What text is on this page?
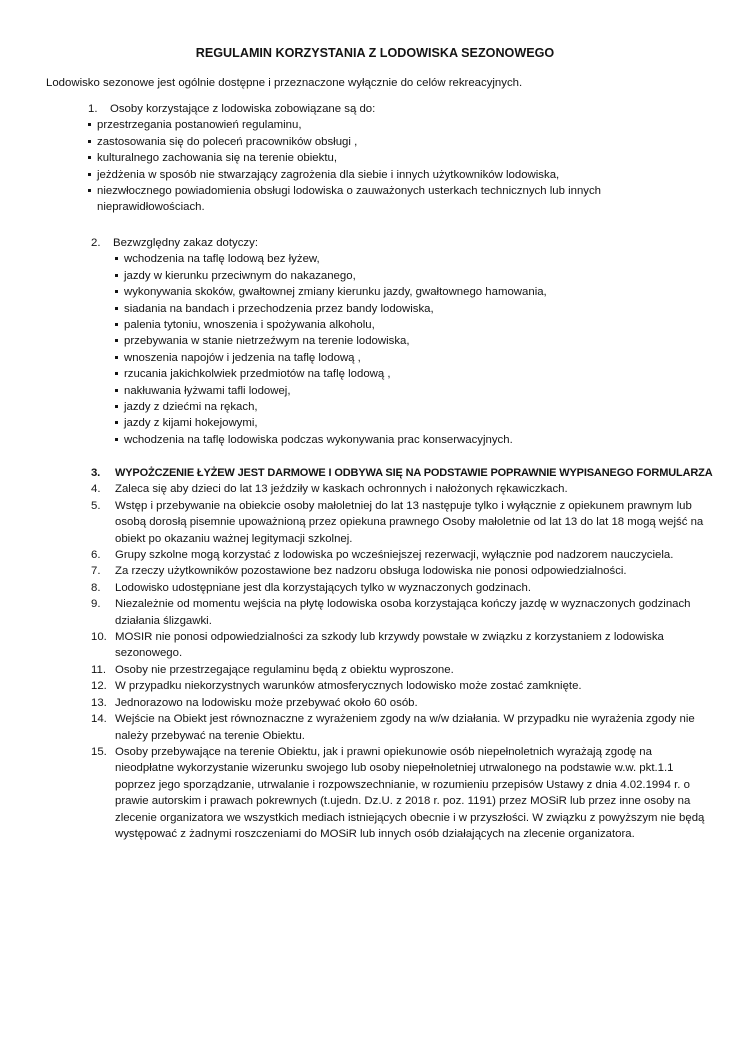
REGULAMIN KORZYSTANIA Z LODOWISKA SEZONOWEGO

Lodowisko sezonowe jest ogólnie dostępne i przeznaczone wyłącznie do celów rekreacyjnych.

1. Osoby korzystające z lodowiska zobowiązane są do:
przestrzegania postanowień regulaminu,
zastosowania się do poleceń pracowników obsługi ,
kulturalnego zachowania się na terenie obiektu,
jeżdżenia w sposób nie stwarzający zagrożenia dla siebie i innych użytkowników lodowiska,
niezwłocznego powiadomienia obsługi lodowiska o zauważonych usterkach technicznych lub innych nieprawidłowościach.
2. Bezwzględny zakaz dotyczy:
wchodzenia na taflę lodową bez łyżew,
jazdy w kierunku przeciwnym do nakazanego,
wykonywania skoków, gwałtownej zmiany kierunku jazdy, gwałtownego hamowania,
siadania na bandach i przechodzenia przez bandy lodowiska,
palenia tytoniu, wnoszenia i spożywania alkoholu,
przebywania w stanie nietrzeźwym na terenie lodowiska,
wnoszenia napojów i jedzenia na taflę lodową ,
rzucania jakichkolwiek przedmiotów na taflę lodową ,
nakłuwania łyżwami tafli lodowej,
jazdy z dziećmi na rękach,
jazdy z kijami hokejowymi,
wchodzenia na taflę lodowiska podczas wykonywania prac konserwacyjnych.
3.	WYPOŻCZENIE ŁYŻEW JEST DARMOWE I ODBYWA SIĘ NA PODSTAWIE POPRAWNIE WYPISANEGO FORMULARZA
4.	Zaleca się aby dzieci do lat 13 jeździły w kaskach ochronnych i nałożonych rękawiczkach.
5.	Wstęp i przebywanie na obiekcie osoby małoletniej do lat 13 następuje tylko i wyłącznie z opiekunem prawnym lub osobą dorosłą pisemnie upoważnioną przez opiekuna prawnego Osoby małoletnie od lat 13 do lat 18 mogą wejść na obiekt po okazaniu ważnej legitymacji szkolnej.
6.	Grupy szkolne mogą korzystać z lodowiska po wcześniejszej rezerwacji, wyłącznie pod nadzorem nauczyciela.
7.	Za rzeczy użytkowników pozostawione bez nadzoru obsługa lodowiska nie ponosi odpowiedzialności.
8.	Lodowisko udostępniane jest dla korzystających tylko w wyznaczonych godzinach.
9.	Niezależnie od momentu wejścia na płytę lodowiska osoba korzystająca kończy jazdę w wyznaczonych godzinach działania ślizgawki.
10. MOSIR nie ponosi odpowiedzialności za szkody lub krzywdy powstałe w związku z korzystaniem z lodowiska sezonowego.
11. Osoby nie przestrzegające regulaminu będą z obiektu wyproszone.
12. W przypadku niekorzystnych warunków atmosferycznych lodowisko może zostać zamknięte.
13. Jednorazowo na lodowisku może przebywać około 60 osób.
14. Wejście na Obiekt jest równoznaczne z wyrażeniem zgody na w/w działania. W przypadku nie wyrażenia zgody nie należy przebywać na terenie Obiektu.
15. Osoby przebywające na terenie Obiektu, jak i prawni opiekunowie osób niepełnoletnich wyrażają zgodę na nieodpłatne wykorzystanie wizerunku swojego lub osoby niepełnoletniej utrwalonego na podstawie w.w. pkt.1.1 poprzez jego sporządzanie, utrwalanie i rozpowszechnianie, w rozumieniu przepisów Ustawy z dnia 4.02.1994 r. o prawie autorskim i prawach pokrewnych (t.ujedn. Dz.U. z 2018 r. poz. 1191) przez MOSiR lub przez inne osoby na zlecenie organizatora we wszystkich mediach istniejących obecnie i w przyszłości. W związku z powyższym nie będą występować z żadnymi roszczeniami do MOSiR lub innych osób działających na zlecenie organizatora.
